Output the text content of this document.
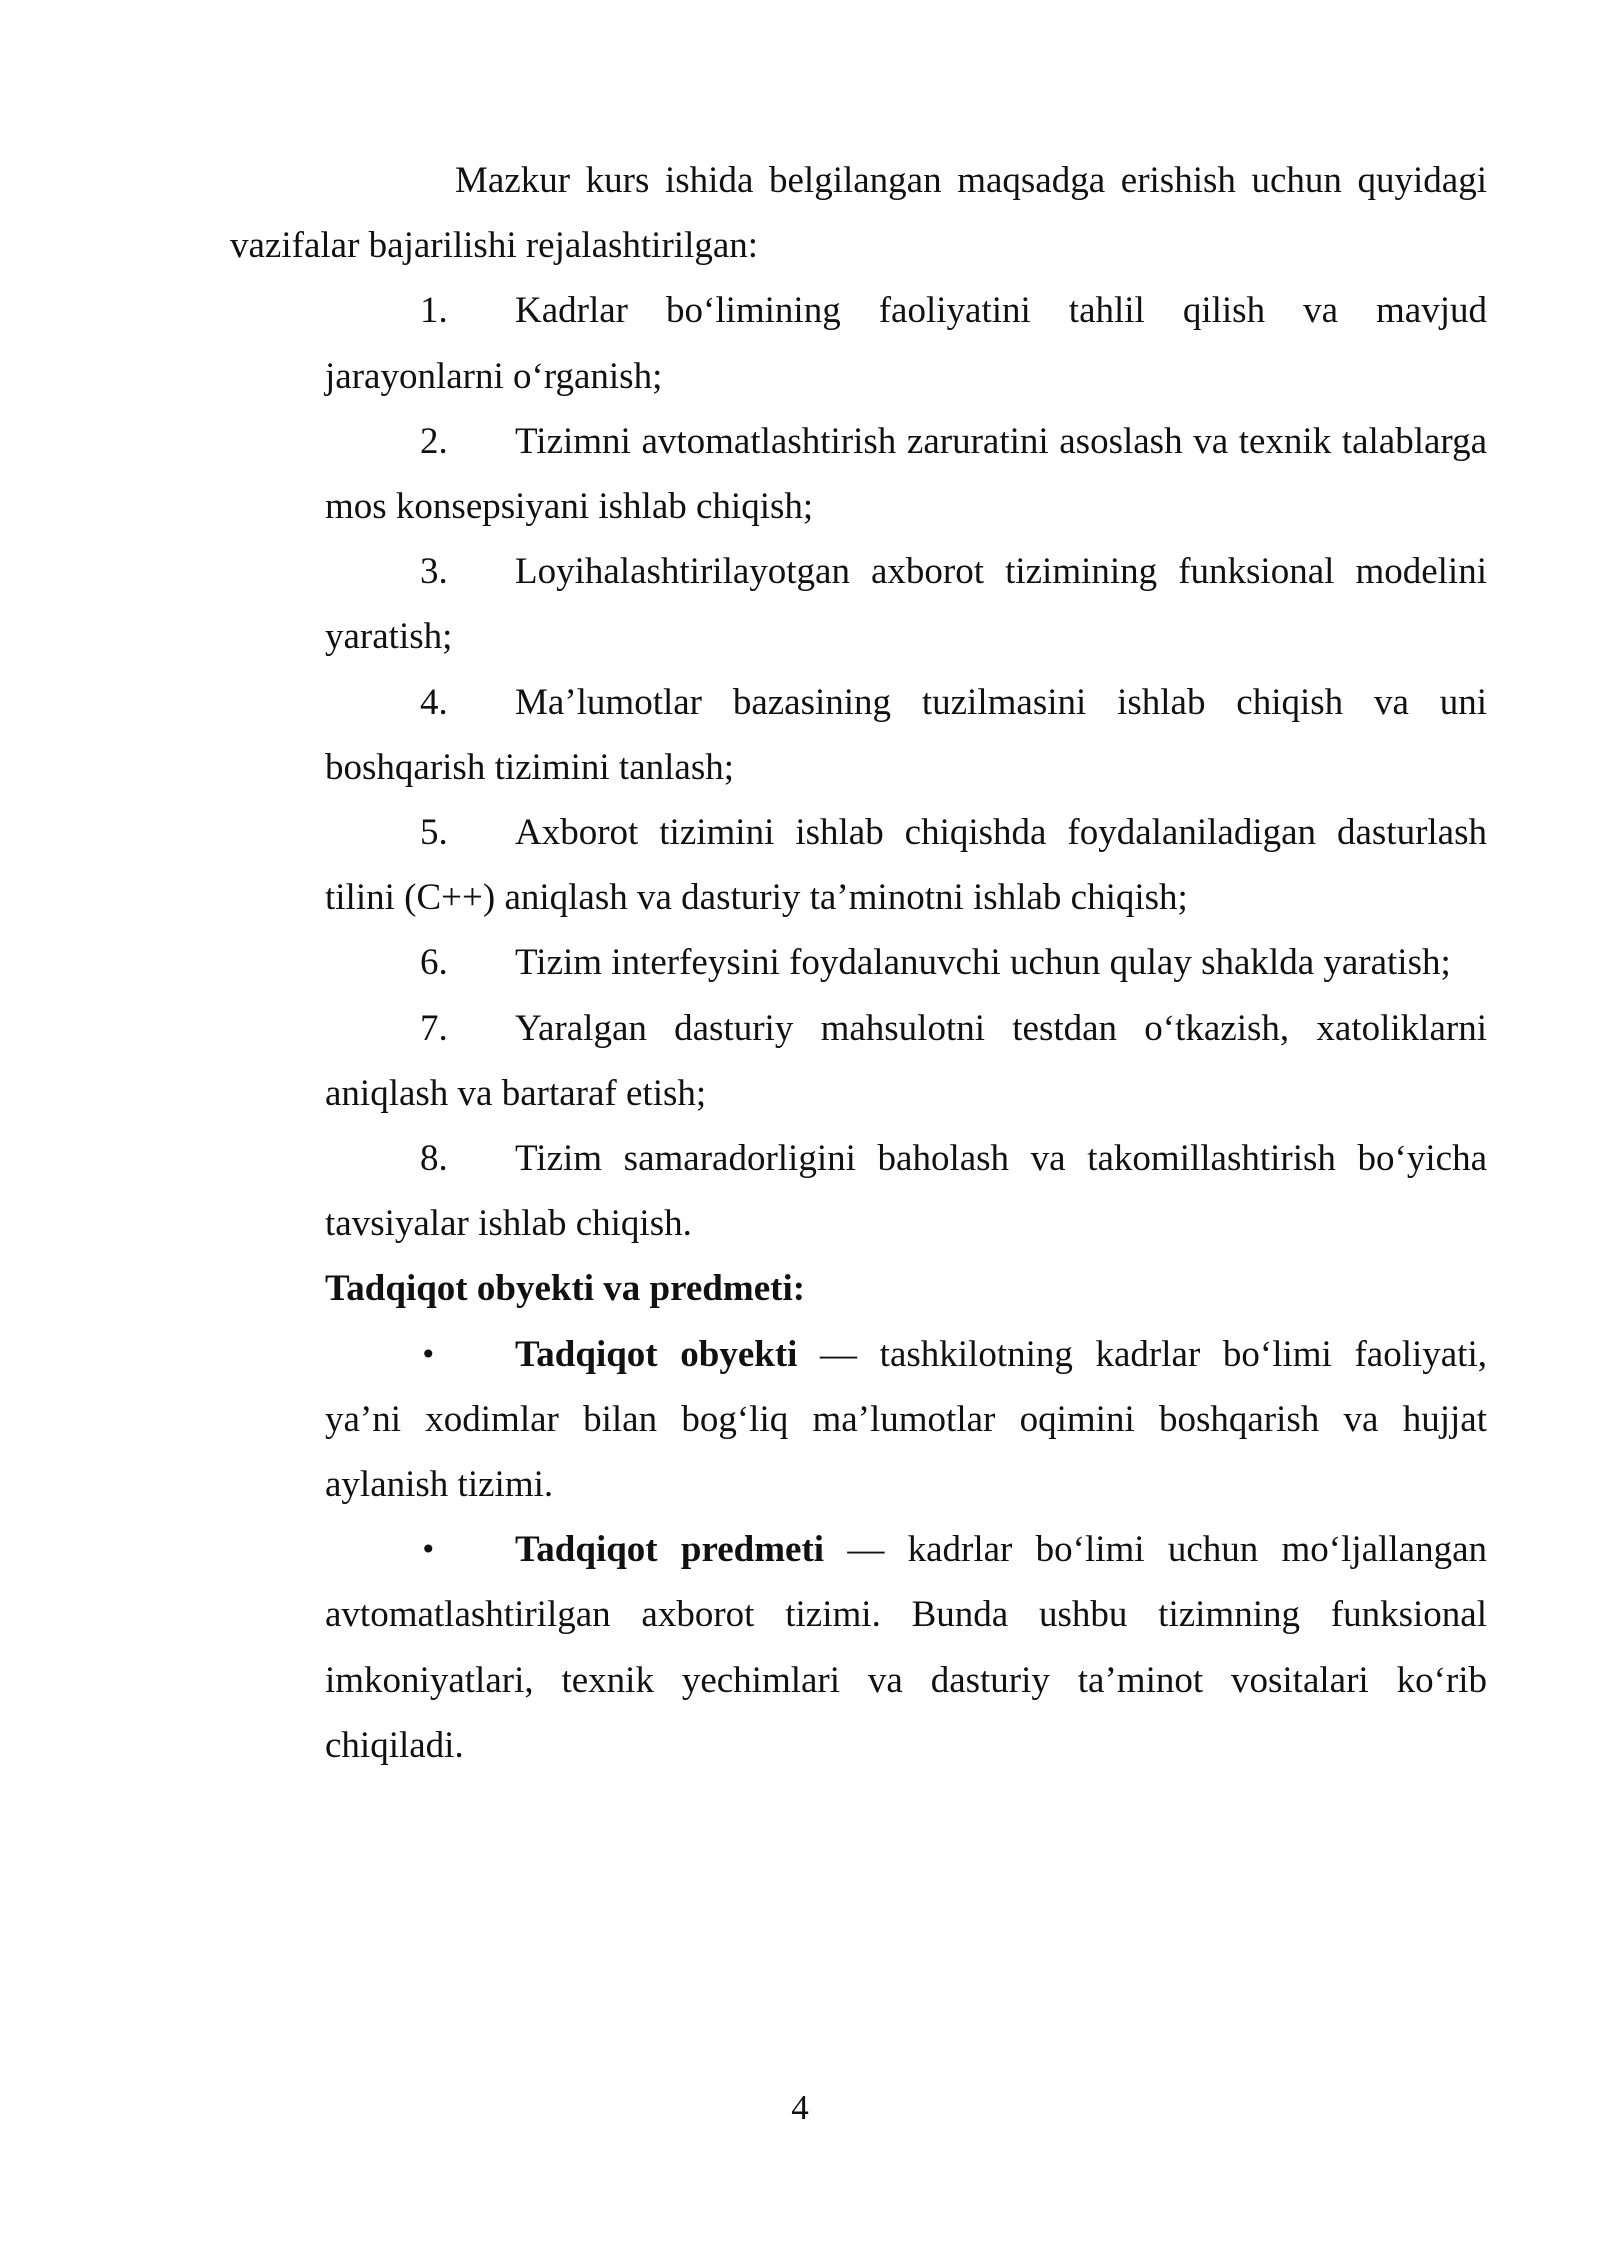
Mazkur kurs ishida belgilangan maqsadga erishish uchun quyidagi vazifalar bajarilishi rejalashtirilgan:

1. Kadrlar bo‘limining faoliyatini tahlil qilish va mavjud jarayonlarni o‘rganish;

2. Tizimni avtomatlashtirish zaruratini asoslash va texnik talablarga mos konsepsiyani ishlab chiqish;

3. Loyihalashtirilayotgan axborot tizimining funksional modelini yaratish;

4. Ma’lumotlar bazasining tuzilmasini ishlab chiqish va uni boshqarish tizimini tanlash;

5. Axborot tizimini ishlab chiqishda foydalaniladigan dasturlash tilini (C++) aniqlash va dasturiy ta’minotni ishlab chiqish;

6. Tizim interfeysini foydalanuvchi uchun qulay shaklda yaratish;

7. Yaralgan dasturiy mahsulotni testdan o‘tkazish, xatoliklarni aniqlash va bartaraf etish;

8. Tizim samaradorligini baholash va takomillashtirish bo‘yicha tavsiyalar ishlab chiqish.

Tadqiqot obyekti va predmeti:

• Tadqiqot obyekti — tashkilotning kadrlar bo‘limi faoliyati, ya’ni xodimlar bilan bog‘liq ma’lumotlar oqimini boshqarish va hujjat aylanish tizimi.

• Tadqiqot predmeti — kadrlar bo‘limi uchun mo‘ljallangan avtomatlashtirilgan axborot tizimi. Bunda ushbu tizimning funksional imkoniyatlari, texnik yechimlari va dasturiy ta’minot vositalari ko‘rib chiqiladi.

4
